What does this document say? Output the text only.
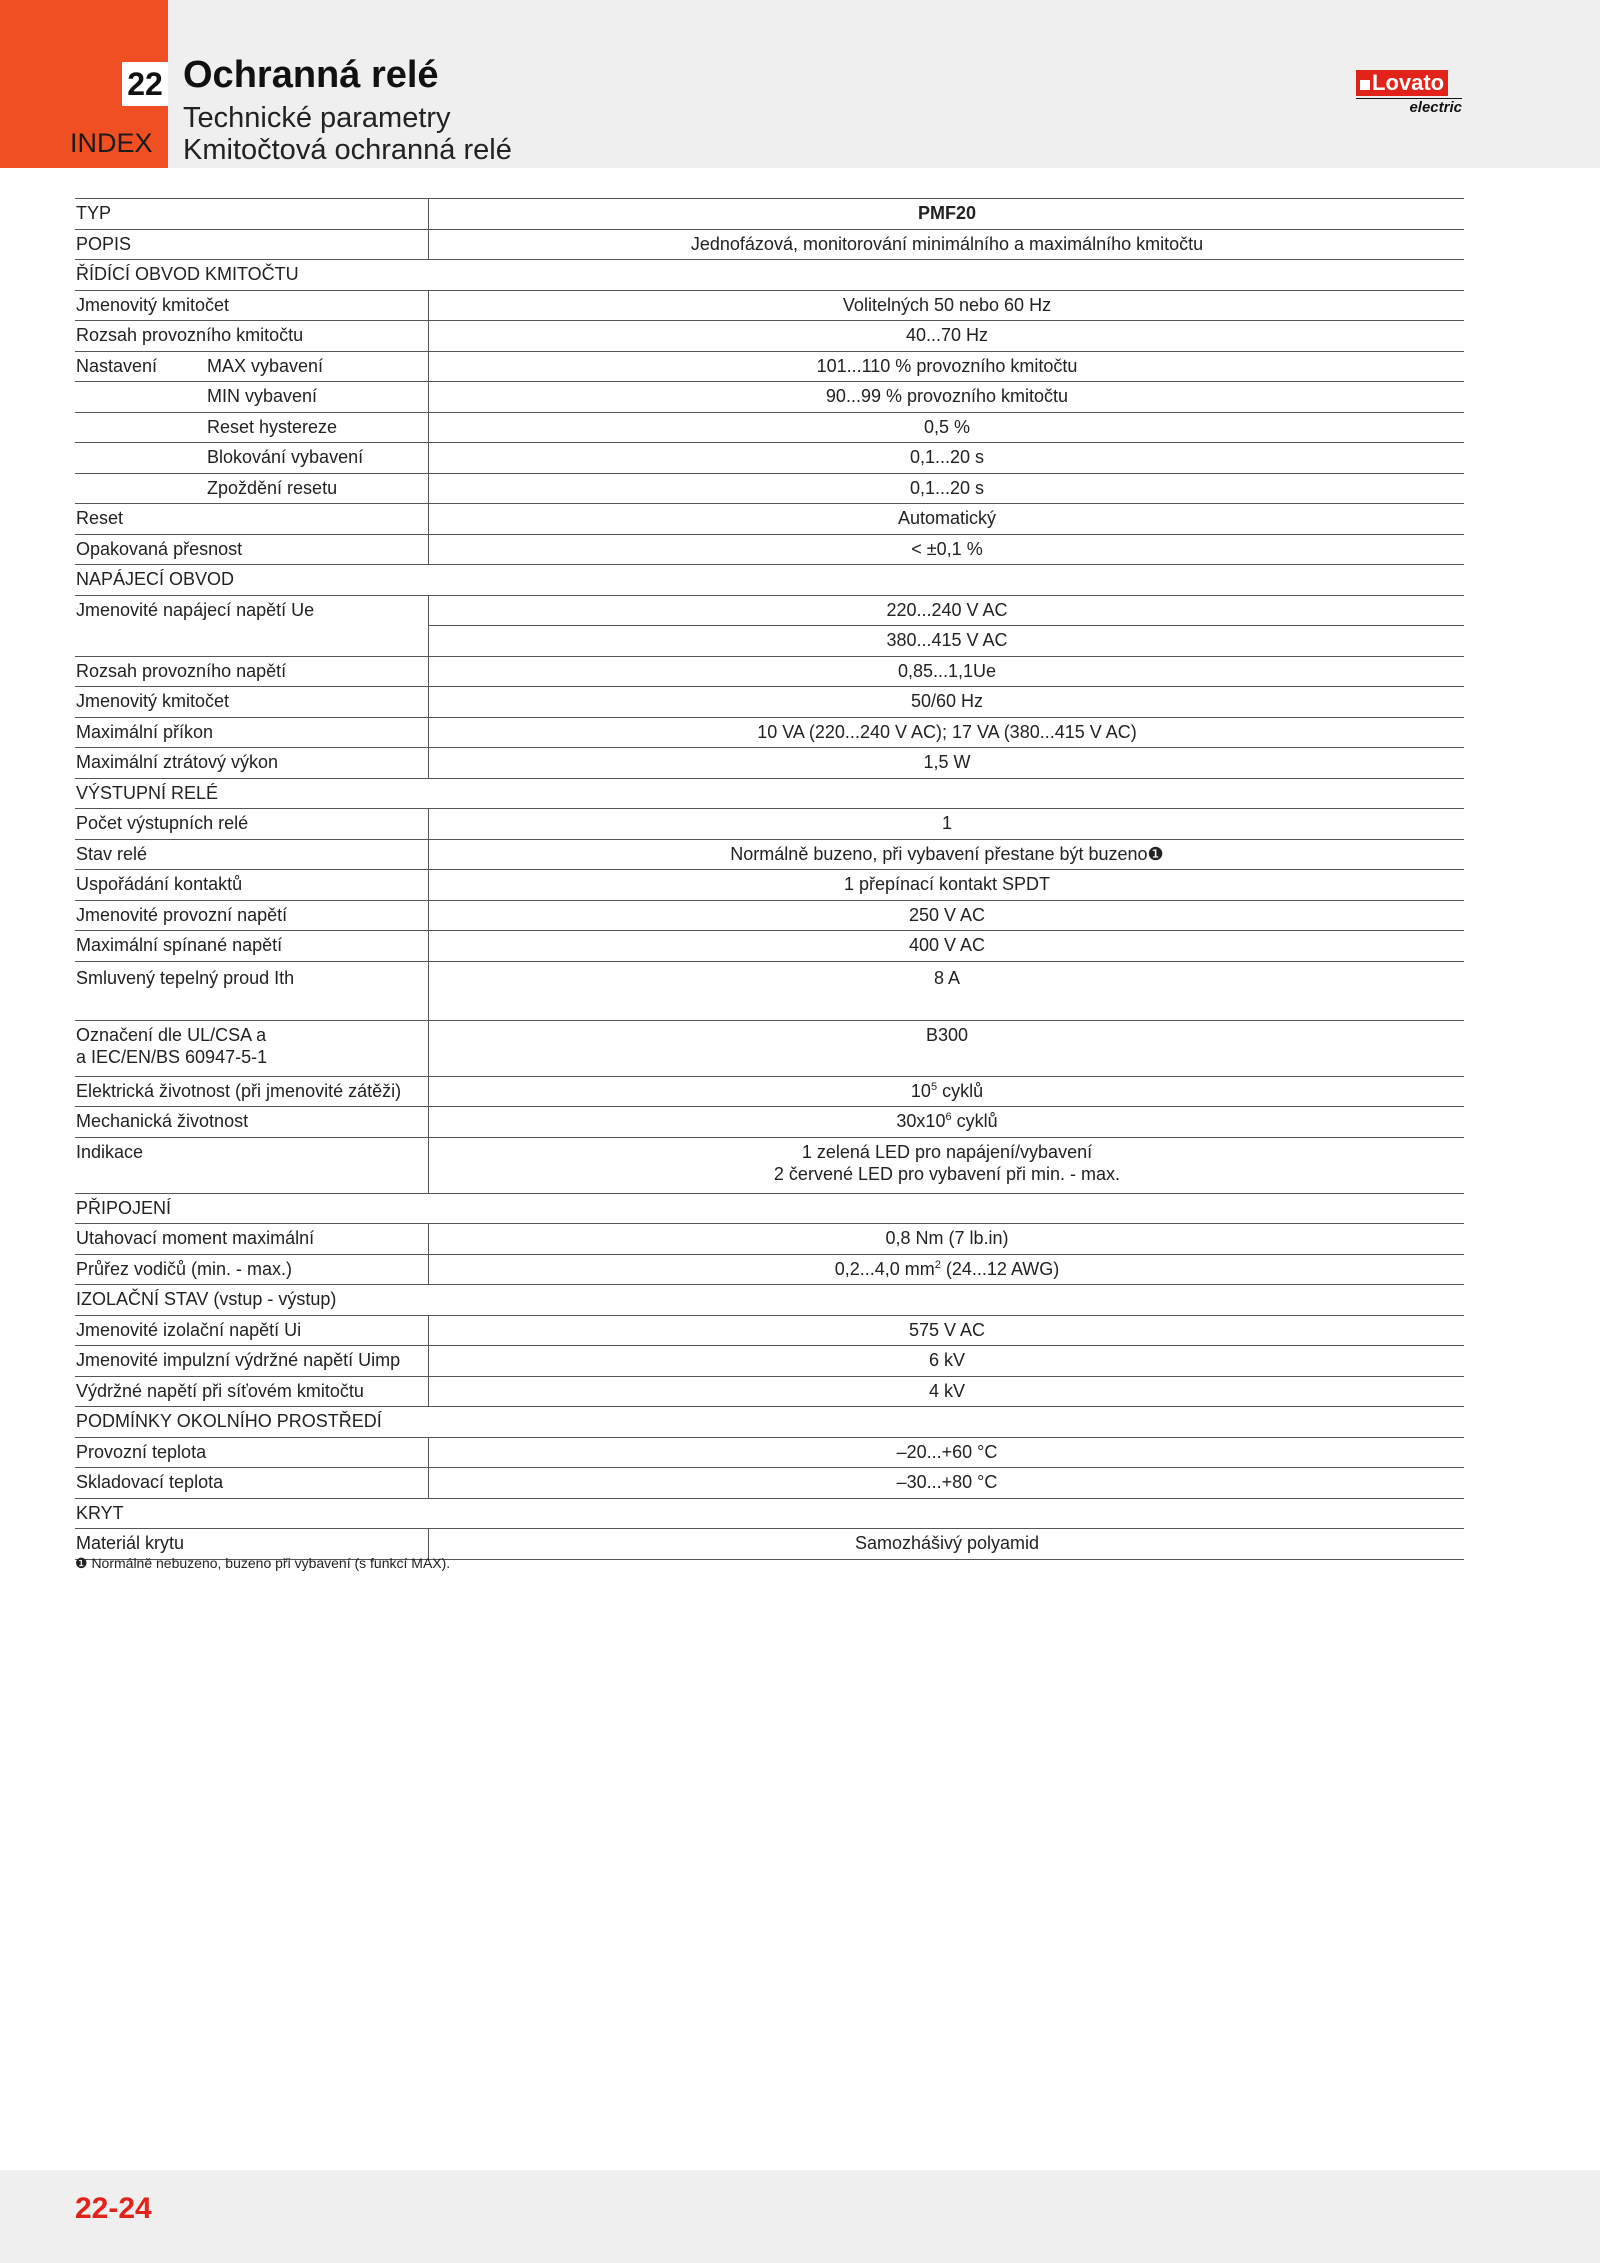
22
INDEX
Ochranná relé
Technické parametry
Kmitočtová ochranná relé
Lovato
electric
TYP		PMF20
POPIS		Jednofázová, monitorování minimálního a maximálního kmitočtu
ŘÍDÍCÍ OBVOD KMITOČTU		
Jmenovitý kmitočet		Volitelných 50 nebo 60 Hz
Rozsah provozního kmitočtu		40...70 Hz
Nastavení	MAX vybavení	101...110 % provozního kmitočtu
	MIN vybavení	90...99 % provozního kmitočtu
	Reset hystereze	0,5 %
	Blokování vybavení	0,1...20 s
	Zpoždění resetu	0,1...20 s
Reset		Automatický
Opakovaná přesnost		< ±0,1 %
NAPÁJECÍ OBVOD		
Jmenovité napájecí napětí Ue		220...240 V AC
		380...415 V AC
Rozsah provozního napětí		0,85...1,1Ue
Jmenovitý kmitočet		50/60 Hz
Maximální příkon		10 VA (220...240 V AC); 17 VA (380...415 V AC)
Maximální ztrátový výkon		1,5 W
VÝSTUPNÍ RELÉ		
Počet výstupních relé		1
Stav relé		Normálně buzeno, při vybavení přestane být buzeno❶
Uspořádání kontaktů		1 přepínací kontakt SPDT
Jmenovité provozní napětí		250 V AC
Maximální spínané napětí		400 V AC
Smluvený tepelný proud Ith		8 A
Označení dle UL/CSA a
a IEC/EN/BS 60947-5-1		B300
Elektrická životnost (při jmenovité zátěži)		$10^5$ cyklů
Mechanická životnost		$30x10^6$ cyklů
Indikace		1 zelená LED pro napájení/vybavení
2 červené LED pro vybavení při min. - max.
PŘIPOJENÍ		
Utahovací moment maximální		0,8 Nm (7 lb.in)
Průřez vodičů (min. - max.)		0,2...4,0 $mm^2$ (24...12 AWG)
IZOLAČNÍ STAV (vstup - výstup)		
Jmenovité izolační napětí Ui		575 V AC
Jmenovité impulzní výdržné napětí Uimp		6 kV
Výdržné napětí při síťovém kmitočtu		4 kV
PODMÍNKY OKOLNÍHO PROSTŘEDÍ		
Provozní teplota		–20...+60 °C
Skladovací teplota		–30...+80 °C
KRYT		
Materiál krytu		Samozhášivý polyamid
❶ Normálně nebuzeno, buzeno při vybavení (s funkcí MAX).
22-24
